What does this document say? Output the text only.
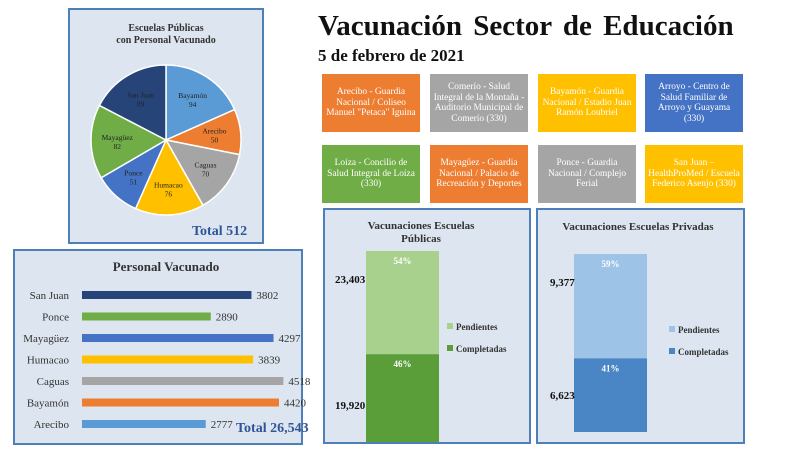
Vacunación Sector de Educación
5 de febrero de 2021
Arecibo - Guardia Nacional / Coliseo Manuel "Petaca" Iguina
Comerío - Salud Integral de la Montaña - Auditorio Municipal de Comerío (330)
Bayamón - Guardia Nacional / Estadio Juan Ramón Loubriel
Arroyo - Centro de Salud Familiar de Arroyo y Guayama (330)
Loíza - Concilio de Salud Integral de Loíza (330)
Mayagüez - Guardia Nacional / Palacio de Recreación y Deportes
Ponce - Guardia Nacional / Complejo Ferial
San Juan – HealthProMed / Escuela Federico Asenjo (330)
Escuelas Públicas
con Personal Vacunado
Bayamón
94
Arecibo
50
Caguas
70
Humacao
76
Ponce
51
Mayagüez
82
San Juan
89
Total 512
Personal Vacunado
San Juan	3802
Ponce	2890
Mayagüez	4297
Humacao	3839
Caguas	4518
Bayamón	4420
Arecibo	2777 Total 26,543
Vacunaciones Escuelas
Públicas
54%
46%
23,403
19,920
Pendientes
Completadas
Vacunaciones Escuelas Privadas
59%
41%
9,377
6,623
Pendientes
Completadas
